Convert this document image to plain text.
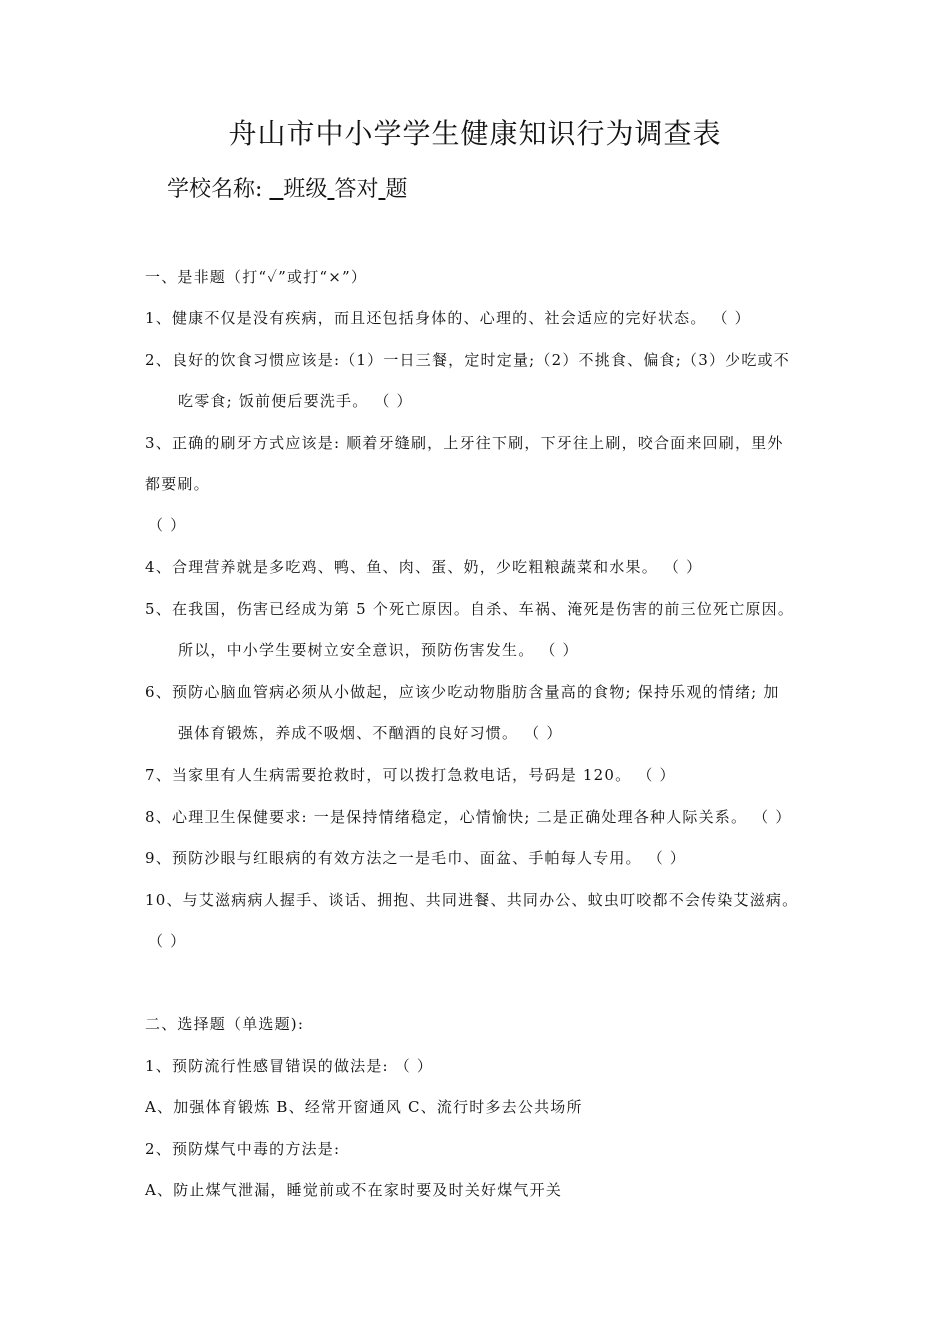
舟山市中小学学生健康知识行为调查表
学校名称: 班级 答对 题
一、是非题（打“✓”或打“×”）
1、健康不仅是没有疾病，而且还包括身体的、心理的、社会适应的完好状态。 （ ）
2、良好的饮食习惯应该是:（1）一日三餐，定时定量;（2）不挑食、偏食;（3）少吃或不
吃零食; 饭前便后要洗手。 （ ）
3、正确的刷牙方式应该是: 顺着牙缝刷，上牙往下刷，下牙往上刷，咬合面来回刷，里外
都要刷。
（ ）
4、合理营养就是多吃鸡、鸭、鱼、肉、蛋、奶，少吃粗粮蔬菜和水果。 （ ）
5、在我国，伤害已经成为第 5 个死亡原因。自杀、车祸、淹死是伤害的前三位死亡原因。
所以，中小学生要树立安全意识，预防伤害发生。 （ ）
6、预防心脑血管病必须从小做起，应该少吃动物脂肪含量高的食物; 保持乐观的情绪; 加
强体育锻炼，养成不吸烟、不酗酒的良好习惯。 （ ）
7、当家里有人生病需要抢救时，可以拨打急救电话，号码是 120。 （ ）
8、心理卫生保健要求: 一是保持情绪稳定，心情愉快; 二是正确处理各种人际关系。 （ ）
9、预防沙眼与红眼病的有效方法之一是毛巾、面盆、手帕每人专用。 （ ）
10、与艾滋病病人握手、谈话、拥抱、共同进餐、共同办公、蚊虫叮咬都不会传染艾滋病。
（ ）
二、选择题（单选题):
1、预防流行性感冒错误的做法是: （ ）
A、加强体育锻炼 B、经常开窗通风 C、流行时多去公共场所
2、预防煤气中毒的方法是:
A、防止煤气泄漏，睡觉前或不在家时要及时关好煤气开关
